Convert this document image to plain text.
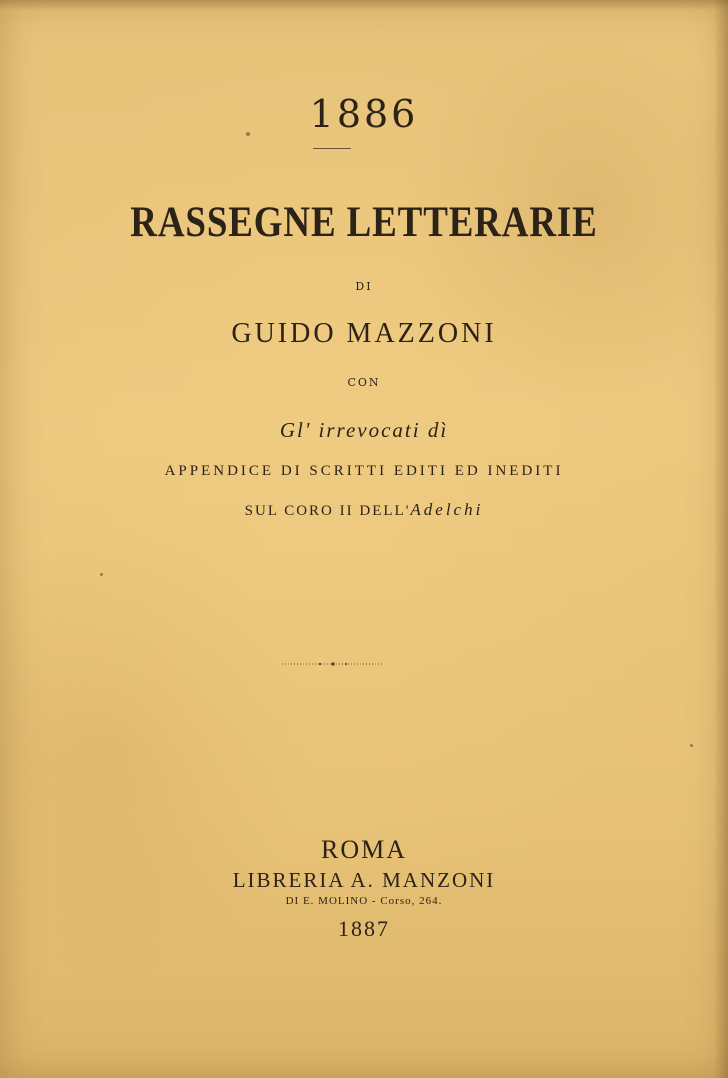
1886
RASSEGNE LETTERARIE
DI
GUIDO MAZZONI
CON
Gl' irrevocati dì
APPENDICE DI SCRITTI EDITI ED INEDITI
SUL CORO II DELL'Adelchi
ROMA
LIBRERIA A. MANZONI
DI E. MOLINO - Corso, 264.
1887
